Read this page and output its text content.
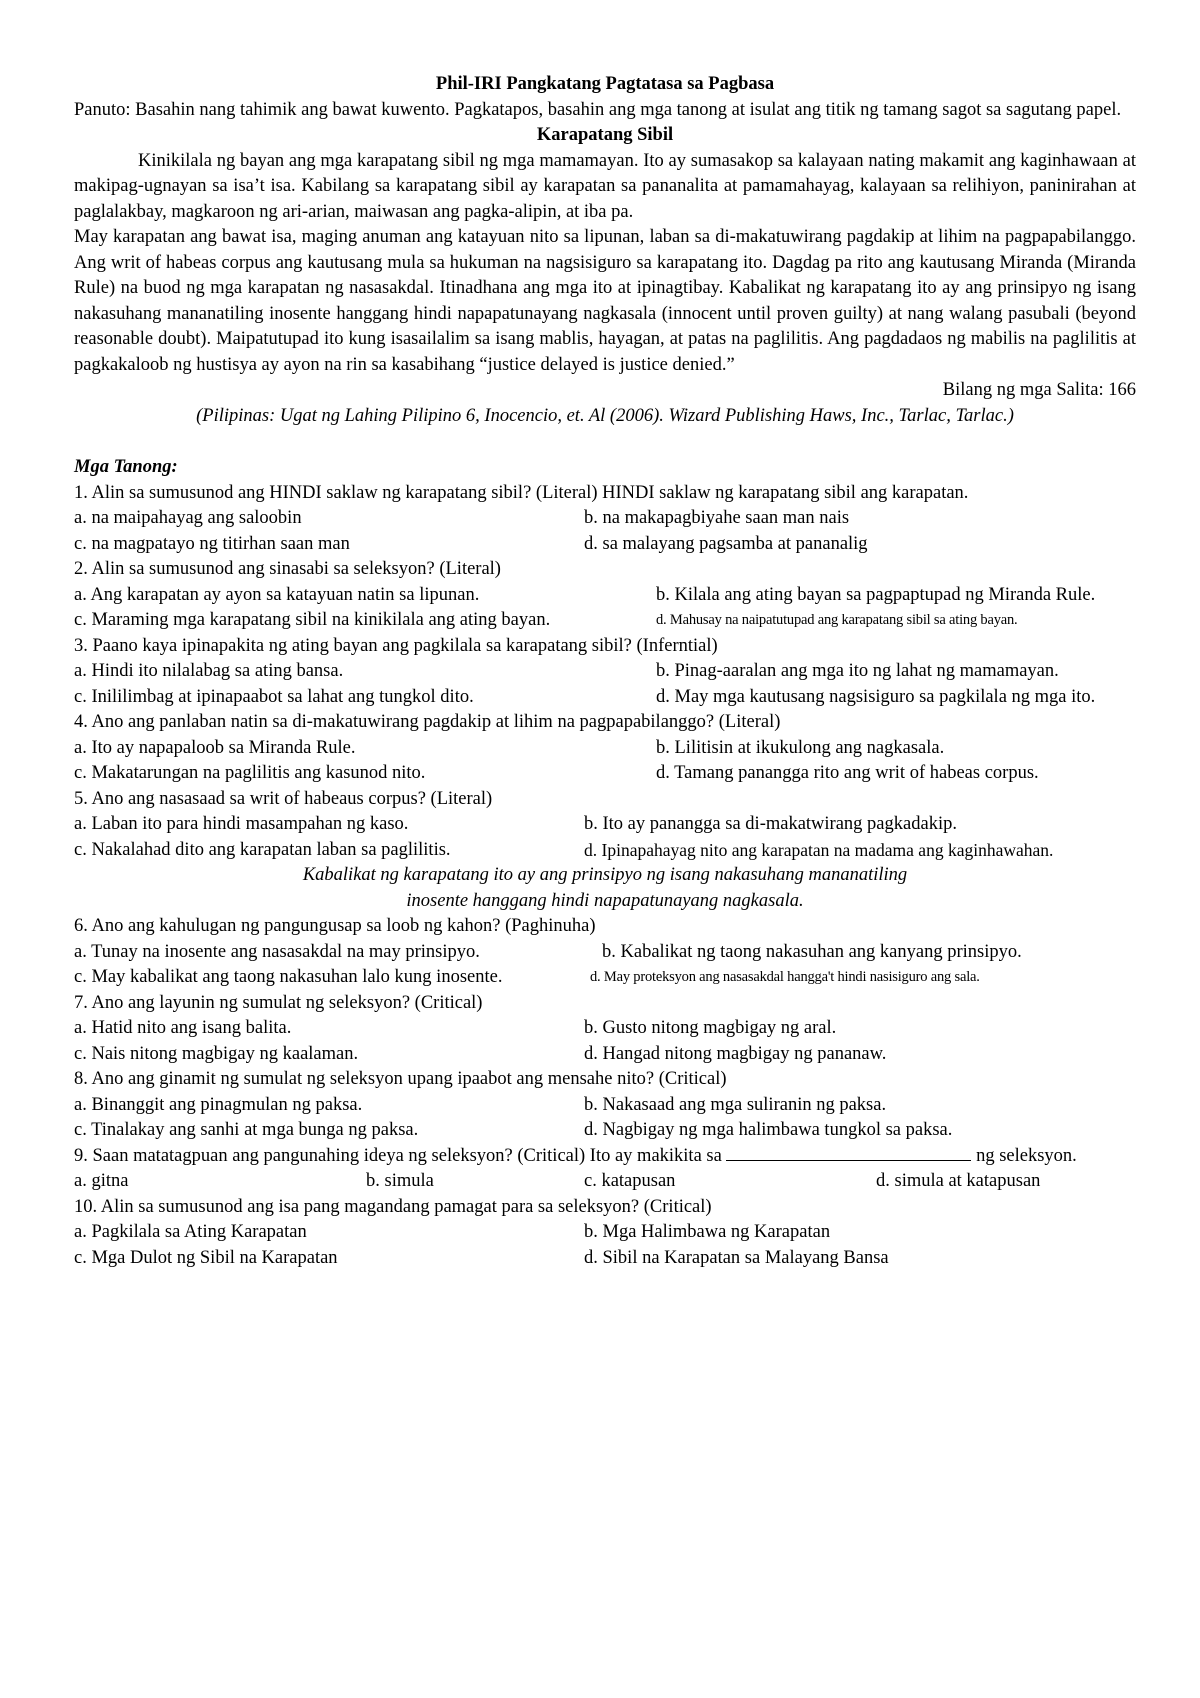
Phil-IRI Pangkatang Pagtatasa sa Pagbasa

Panuto: Basahin nang tahimik ang bawat kuwento. Pagkatapos, basahin ang mga tanong at isulat ang titik ng tamang sagot sa sagutang papel.

Karapatang Sibil

Kinikilala ng bayan ang mga karapatang sibil ng mga mamamayan. Ito ay sumasakop sa kalayaan nating makamit ang kaginhawaan at makipag-ugnayan sa isa’t isa. Kabilang sa karapatang sibil ay karapatan sa pananalita at pamamahayag, kalayaan sa relihiyon, paninirahan at paglalakbay, magkaroon ng ari-arian, maiwasan ang pagka-alipin, at iba pa.

May karapatan ang bawat isa, maging anuman ang katayuan nito sa lipunan, laban sa di-makatuwirang pagdakip at lihim na pagpapabilanggo. Ang writ of habeas corpus ang kautusang mula sa hukuman na nagsisiguro sa karapatang ito. Dagdag pa rito ang kautusang Miranda (Miranda Rule) na buod ng mga karapatan ng nasasakdal. Itinadhana ang mga ito at ipinagtibay. Kabalikat ng karapatang ito ay ang prinsipyo ng isang nakasuhang mananatiling inosente hanggang hindi napapatunayang nagkasala (innocent until proven guilty) at nang walang pasubali (beyond reasonable doubt). Maipatutupad ito kung isasailalim sa isang mablis, hayagan, at patas na paglilitis. Ang pagdadaos ng mabilis na paglilitis at pagkakaloob ng hustisya ay ayon na rin sa kasabihang “justice delayed is justice denied.”

Bilang ng mga Salita: 166

(Pilipinas: Ugat ng Lahing Pilipino 6, Inocencio, et. Al (2006). Wizard Publishing Haws, Inc., Tarlac, Tarlac.)

Mga Tanong:

1. Alin sa sumusunod ang HINDI saklaw ng karapatang sibil? (Literal) HINDI saklaw ng karapatang sibil ang karapatan.

a. na maipahayag ang saloobin	b. na makapagbiyahe saan man nais
c. na magpatayo ng titirhan saan man	d. sa malayang pagsamba at pananalig

2. Alin sa sumusunod ang sinasabi sa seleksyon? (Literal)

a. Ang karapatan ay ayon sa katayuan natin sa lipunan.	b. Kilala ang ating bayan sa pagpaptupad ng Miranda Rule.
c. Maraming mga karapatang sibil na kinikilala ang ating bayan.	d. Mahusay na naipatutupad ang karapatang sibil sa ating bayan.

3. Paano kaya ipinapakita ng ating bayan ang pagkilala sa karapatang sibil? (Inferntial)

a. Hindi ito nilalabag sa ating bansa.	b. Pinag-aaralan ang mga ito ng lahat ng mamamayan.
c. Inililimbag at ipinapaabot sa lahat ang tungkol dito.	d. May mga kautusang nagsisiguro sa pagkilala ng mga ito.

4. Ano ang panlaban natin sa di-makatuwirang pagdakip at lihim na pagpapabilanggo? (Literal)

a. Ito ay napapaloob sa Miranda Rule.	b. Lilitisin at ikukulong ang nagkasala.
c. Makatarungan na paglilitis ang kasunod nito.	d. Tamang pananggа rito ang writ of habeas corpus.

5. Ano ang nasasaad sa writ of habeaus corpus? (Literal)

a. Laban ito para hindi masampahan ng kaso.	b. Ito ay panangga sa di-makatwirang pagkadakip.
c. Nakalahad dito ang karapatan laban sa paglilitis.	d. Ipinapahayag nito ang karapatan na madama ang kaginhawahan.

Kabalikat ng karapatang ito ay ang prinsipyo ng isang nakasuhang mananatiling

inosente hanggang hindi napapatunayang nagkasala.

6. Ano ang kahulugan ng pangungusap sa loob ng kahon? (Paghinuha)

a. Tunay na inosente ang nasasakdal na may prinsipyo.	b. Kabalikat ng taong nakasuhan ang kanyang prinsipyo.
c. May kabalikat ang taong nakasuhan lalo kung inosente.	d. May proteksyon ang nasasakdal hangga't hindi nasisiguro ang sala.

7. Ano ang layunin ng sumulat ng seleksyon? (Critical)

a. Hatid nito ang isang balita.	b. Gusto nitong magbigay ng aral.
c. Nais nitong magbigay ng kaalaman.	d. Hangad nitong magbigay ng pananaw.

8. Ano ang ginamit ng sumulat ng seleksyon upang ipaabot ang mensahe nito? (Critical)

a. Binanggit ang pinagmulan ng paksa.	b. Nakasaad ang mga suliranin ng paksa.
c. Tinalakay ang sanhi at mga bunga ng paksa.	d. Nagbigay ng mga halimbawa tungkol sa paksa.

9. Saan matatagpuan ang pangunahing ideya ng seleksyon? (Critical) Ito ay makikita sa	ng seleksyon.

a. gitna	b. simula	c. katapusan	d. simula at katapusan

10. Alin sa sumusunod ang isa pang magandang pamagat para sa seleksyon? (Critical)

a. Pagkilala sa Ating Karapatan	b. Mga Halimbawa ng Karapatan
c. Mga Dulot ng Sibil na Karapatan	d. Sibil na Karapatan sa Malayang Bansa
